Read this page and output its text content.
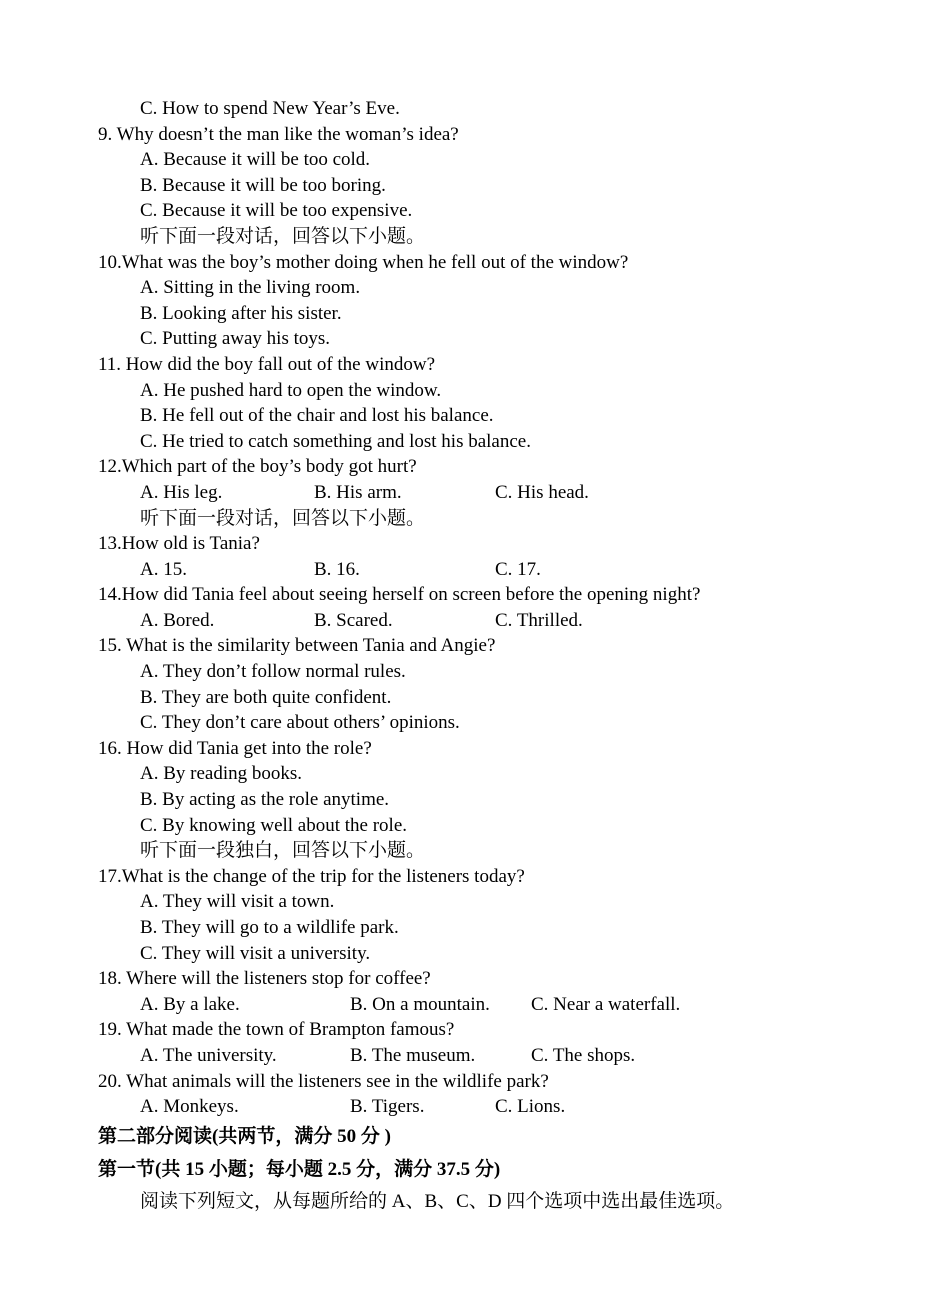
C. How to spend New Year’s Eve.
9. Why doesn’t the man like the woman’s idea?
A. Because it will be too cold.
B. Because it will be too boring.
C. Because it will be too expensive.
听下面一段对话，回答以下小题。
10.What was the boy’s mother doing when he fell out of the window?
A. Sitting in the living room.
B. Looking after his sister.
C. Putting away his toys.
11. How did the boy fall out of the window?
A. He pushed hard to open the window.
B. He fell out of the chair and lost his balance.
C. He tried to catch something and lost his balance.
12.Which part of the boy’s body got hurt?
A. His leg.	B. His arm.	C. His head.
听下面一段对话，回答以下小题。
13.How old is Tania?
A. 15.	B. 16.	C. 17.
14.How did Tania feel about seeing herself on screen before the opening night?
A. Bored.	B. Scared.	C. Thrilled.
15. What is the similarity between Tania and Angie?
A. They don’t follow normal rules.
B. They are both quite confident.
C. They don’t care about others’ opinions.
16. How did Tania get into the role?
A. By reading books.
B. By acting as the role anytime.
C. By knowing well about the role.
听下面一段独白，回答以下小题。
17.What is the change of the trip for the listeners today?
A. They will visit a town.
B. They will go to a wildlife park.
C. They will visit a university.
18. Where will the listeners stop for coffee?
A. By a lake.	B. On a mountain. C. Near a waterfall.
19. What made the town of Brampton famous?
A. The university.	B. The museum.	C. The shops.
20. What animals will the listeners see in the wildlife park?
A. Monkeys.	B. Tigers.	C. Lions.
第二部分阅读(共两节，满分 50 分 )
第一节(共 15 小题；每小题 2.5 分，满分 37.5 分)
阅读下列短文，从每题所给的 A、B、C、D 四个选项中选出最佳选项。
